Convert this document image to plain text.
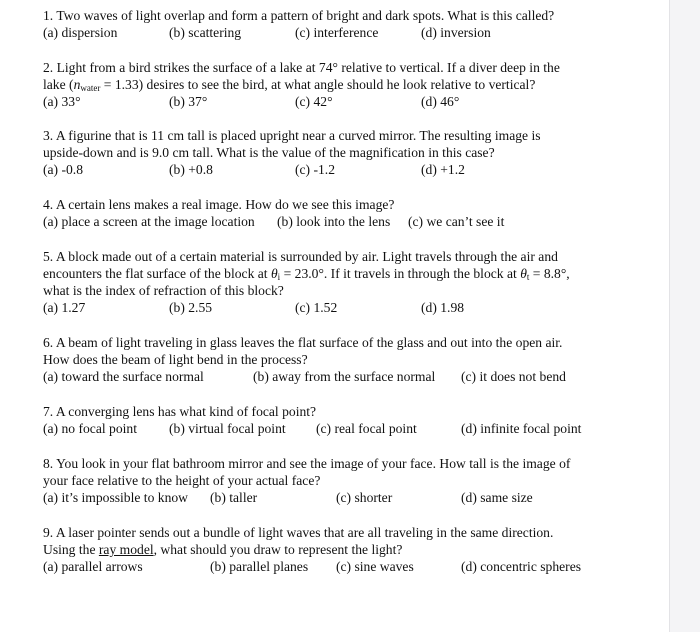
1. Two waves of light overlap and form a pattern of bright and dark spots. What is this called?
(a) dispersion	(b) scattering	(c) interference	(d) inversion
2. Light from a bird strikes the surface of a lake at 74° relative to vertical. If a diver deep in the
lake $(n_{water} = 1.33)$ desires to see the bird, at what angle should he look relative to vertical?
(a) 33°	(b) 37°	(c) 42°	(d) 46°
3. A figurine that is 11 cm tall is placed upright near a curved mirror. The resulting image is
upside-down and is 9.0 cm tall. What is the value of the magnification in this case?
(a) -0.8	(b) +0.8	(c) -1.2	(d) +1.2
4. A certain lens makes a real image. How do we see this image?
(a) place a screen at the image location (b) look into the lens (c) we can’t see it
5. A block made out of a certain material is surrounded by air. Light travels through the air and
encounters the flat surface of the block at $\theta_i = 23.0^\circ$. If it travels in through the block at $\theta_t = 8.8^\circ$,
what is the index of refraction of this block?
(a) 1.27	(b) 2.55	(c) 1.52	(d) 1.98
6. A beam of light traveling in glass leaves the flat surface of the glass and out into the open air.
How does the beam of light bend in the process?
(a) toward the surface normal	(b) away from the surface normal (c) it does not bend
7. A converging lens has what kind of focal point?
(a) no focal point (b) virtual focal point (c) real focal point	(d) infinite focal point
8. You look in your flat bathroom mirror and see the image of your face. How tall is the image of
your face relative to the height of your actual face?
(a) it’s impossible to know (b) taller	(c) shorter	(d) same size
9. A laser pointer sends out a bundle of light waves that are all traveling in the same direction.
Using the ray model, what should you draw to represent the light?
(a) parallel arrows	(b) parallel planes (c) sine waves	(d) concentric spheres
